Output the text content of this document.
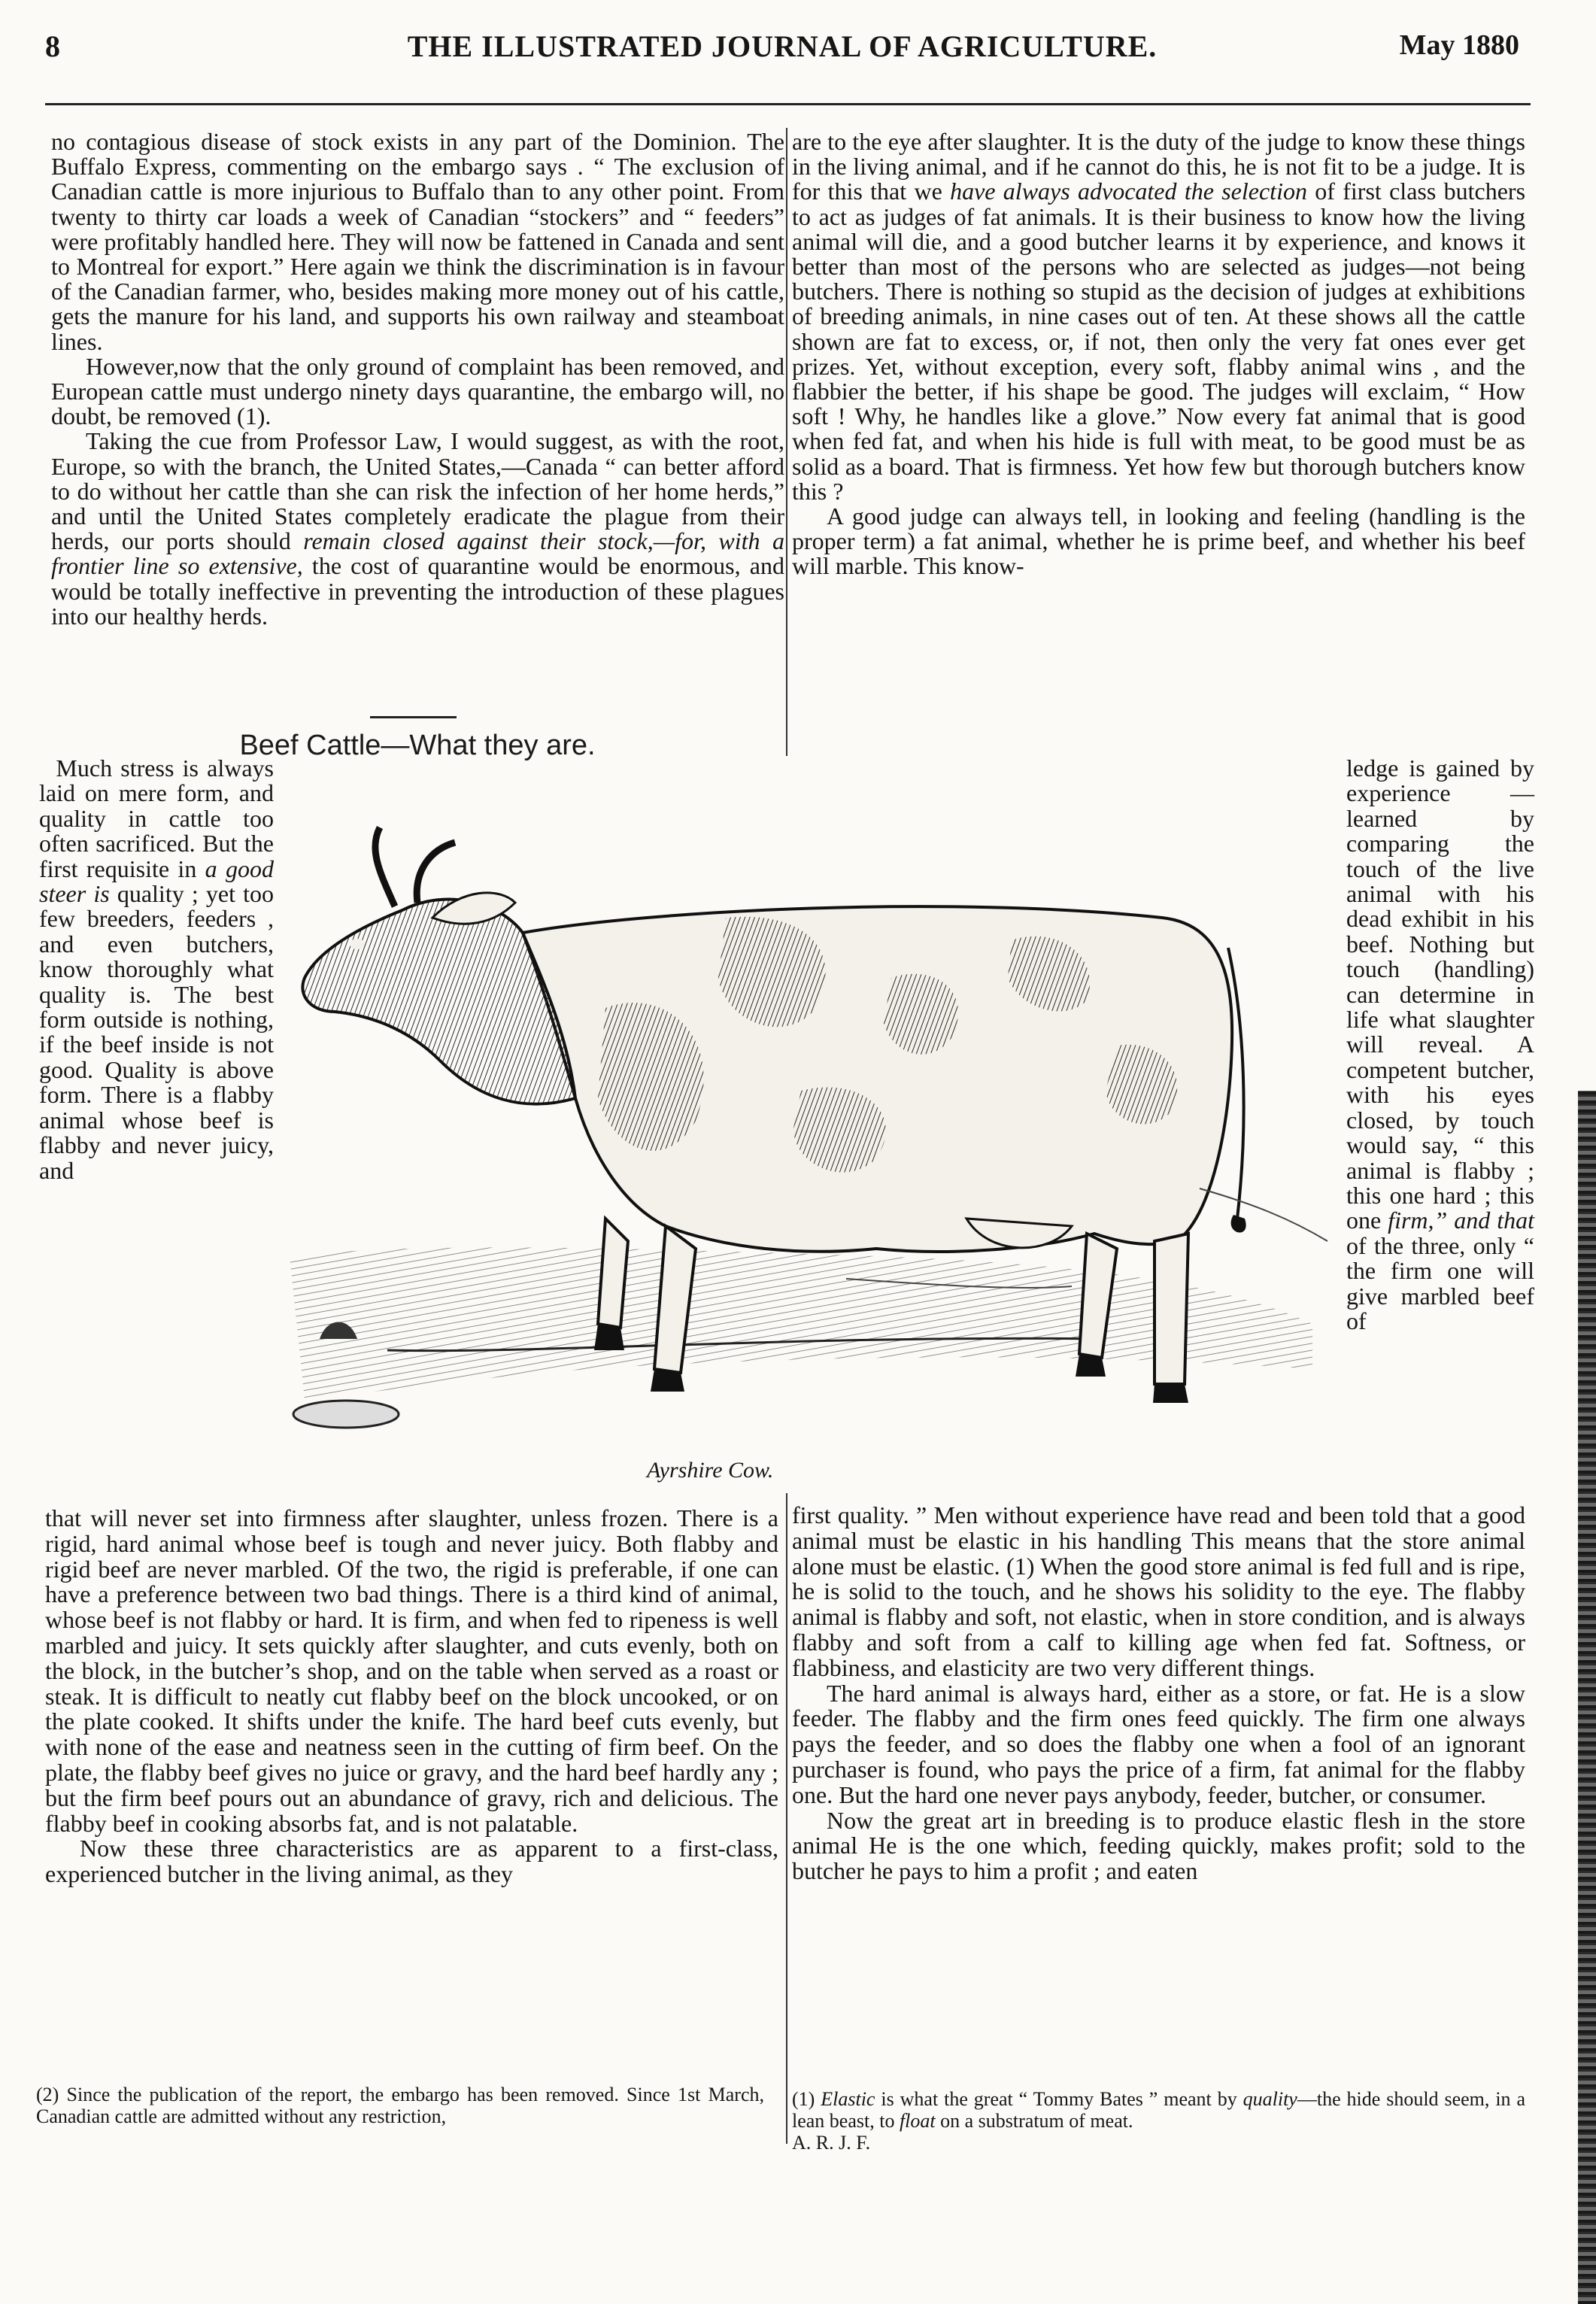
8	THE ILLUSTRATED JOURNAL OF AGRICULTURE.	May 1880

no contagious disease of stock exists in any part of the Dominion. The Buffalo Express, commenting on the embargo says . “ The exclusion of Canadian cattle is more injurious to Buffalo than to any other point. From twenty to thirty car loads a week of Canadian “stockers” and “ feeders” were profitably handled here. They will now be fattened in Canada and sent to Montreal for export.” Here again we think the discrimination is in favour of the Canadian farmer, who, besides making more money out of his cattle, gets the manure for his land, and supports his own railway and steamboat lines.

However,now that the only ground of complaint has been removed, and European cattle must undergo ninety days quarantine, the embargo will, no doubt, be removed (1).

Taking the cue from Professor Law, I would suggest, as with the root, Europe, so with the branch, the United States,—Canada “ can better afford to do without her cattle than she can risk the infection of her home herds,” and until the United States completely eradicate the plague from their herds, our ports should remain closed against their stock,—for, with a frontier line so extensive, the cost of quarantine would be enormous, and would be totally ineffective in preventing the introduction of these plagues into our healthy herds.

are to the eye after slaughter. It is the duty of the judge to know these things in the living animal, and if he cannot do this, he is not fit to be a judge. It is for this that we have always advocated the selection of first class butchers to act as judges of fat animals. It is their business to know how the living animal will die, and a good butcher learns it by experience, and knows it better than most of the persons who are selected as judges—not being butchers. There is nothing so stupid as the decision of judges at exhibitions of breeding animals, in nine cases out of ten. At these shows all the cattle shown are fat to excess, or, if not, then only the very fat ones ever get prizes. Yet, without exception, every soft, flabby animal wins , and the flabbier the better, if his shape be good. The judges will exclaim, “ How soft ! Why, he handles like a glove.” Now every fat animal that is good when fed fat, and when his hide is full with meat, to be good must be as solid as a board. That is firmness. Yet how few but thorough butchers know this ?

A good judge can always tell, in looking and feeling (handling is the proper term) a fat animal, whether he is prime beef, and whether his beef will marble. This know-

Beef Cattle—What they are.

Much stress is always laid on mere form, and quality in cattle too often sacrificed. But the first requisite in a good steer is quality ; yet too few breeders, feeders , and even butchers, know thoroughly what quality is. The best form outside is nothing, if the beef inside is not good. Quality is above form. There is a flabby animal whose beef is flabby and never juicy, and

ledge is gained by experience — learned by comparing the touch of the live animal with his dead exhibit in his beef. Nothing but touch (handling) can determine in life what slaughter will reveal. A competent butcher, with his eyes closed, by touch would say, “ this animal is flabby ; this one hard ; this one firm,” and that of the three, only “ the firm one will give marbled beef of

Ayrshire Cow.

that will never set into firmness after slaughter, unless frozen. There is a rigid, hard animal whose beef is tough and never juicy. Both flabby and rigid beef are never marbled. Of the two, the rigid is preferable, if one can have a preference between two bad things. There is a third kind of animal, whose beef is not flabby or hard. It is firm, and when fed to ripeness is well marbled and juicy. It sets quickly after slaughter, and cuts evenly, both on the block, in the butcher’s shop, and on the table when served as a roast or steak. It is difficult to neatly cut flabby beef on the block uncooked, or on the plate cooked. It shifts under the knife. The hard beef cuts evenly, but with none of the ease and neatness seen in the cutting of firm beef. On the plate, the flabby beef gives no juice or gravy, and the hard beef hardly any ; but the firm beef pours out an abundance of gravy, rich and delicious. The flabby beef in cooking absorbs fat, and is not palatable.

Now these three characteristics are as apparent to a first-class, experienced butcher in the living animal, as they

first quality. ” Men without experience have read and been told that a good animal must be elastic in his handling This means that the store animal alone must be elastic. (1) When the good store animal is fed full and is ripe, he is solid to the touch, and he shows his solidity to the eye. The flabby animal is flabby and soft, not elastic, when in store condition, and is always flabby and soft from a calf to killing age when fed fat. Softness, or flabbiness, and elasticity are two very different things.

The hard animal is always hard, either as a store, or fat. He is a slow feeder. The flabby and the firm ones feed quickly. The firm one always pays the feeder, and so does the flabby one when a fool of an ignorant purchaser is found, who pays the price of a firm, fat animal for the flabby one. But the hard one never pays anybody, feeder, butcher, or consumer.

Now the great art in breeding is to produce elastic flesh in the store animal He is the one which, feeding quickly, makes profit; sold to the butcher he pays to him a profit ; and eaten

(2) Since the publication of the report, the embargo has been removed. Since 1st March, Canadian cattle are admitted without any restriction,

(1) Elastic is what the great “ Tommy Bates ” meant by quality—the hide should seem, in a lean beast, to float on a substratum of meat.

A. R. J. F.
